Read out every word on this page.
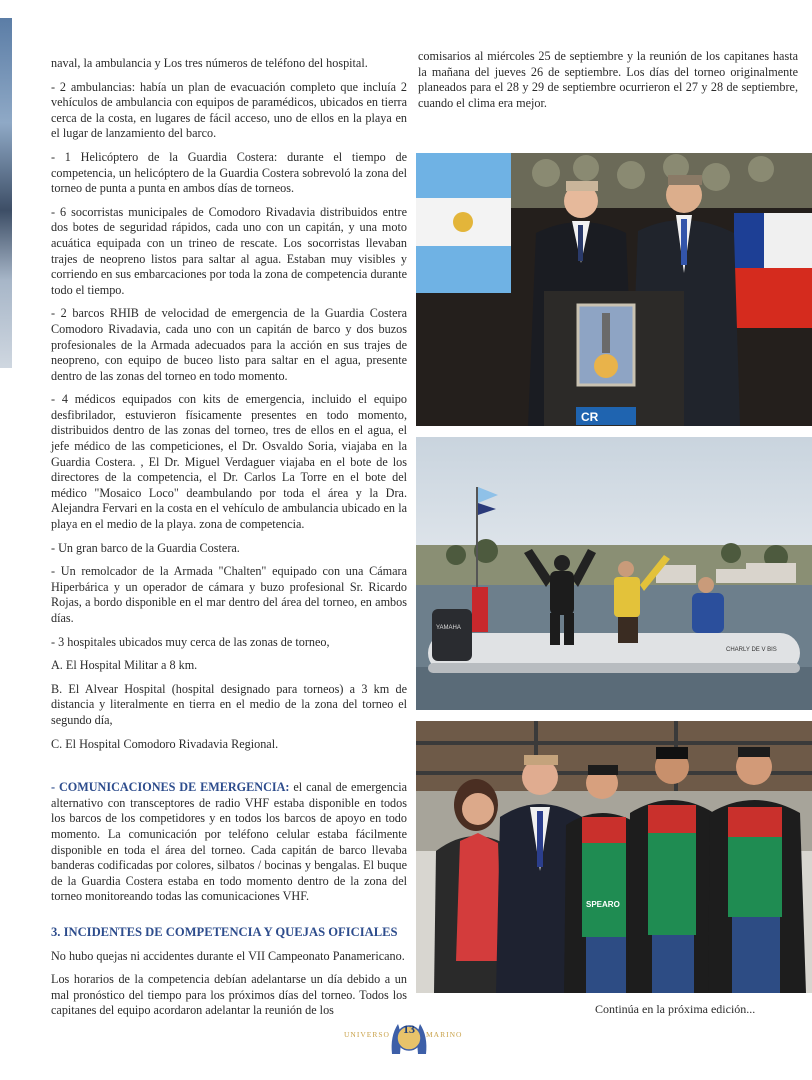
naval, la ambulancia y Los tres números de teléfono del hospital.

- 2 ambulancias: había un plan de evacuación completo que incluía 2 vehículos de ambulancia con equipos de paramédicos, ubicados en tierra cerca de la costa, en lugares de fácil acceso, uno de ellos en la playa en el lugar de lanzamiento del barco.

- 1 Helicóptero de la Guardia Costera: durante el tiempo de competencia, un helicóptero de la Guardia Costera sobrevoló la zona del torneo de punta a punta en ambos días de torneos.

- 6 socorristas municipales de Comodoro Rivadavia distribuidos entre dos botes de seguridad rápidos, cada uno con un capitán, y una moto acuática equipada con un trineo de rescate. Los socorristas llevaban trajes de neopreno listos para saltar al agua. Estaban muy visibles y corriendo en sus embarcaciones por toda la zona de competencia durante todo el tiempo.

- 2 barcos RHIB de velocidad de emergencia de la Guardia Costera Comodoro Rivadavia, cada uno con un capitán de barco y dos buzos profesionales de la Armada adecuados para la acción en sus trajes de neopreno, con equipo de buceo listo para saltar en el agua, presente dentro de las zonas del torneo en todo momento.

- 4 médicos equipados con kits de emergencia, incluido el equipo desfibrilador, estuvieron físicamente presentes en todo momento, distribuidos dentro de las zonas del torneo, tres de ellos en el agua, el jefe médico de las competiciones, el Dr. Osvaldo Soria, viajaba en la Guardia Costera. , El Dr. Miguel Verdaguer viajaba en el bote de los directores de la competencia, el Dr. Carlos La Torre en el bote del médico "Mosaico Loco" deambulando por toda el área y la Dra. Alejandra Fervari en la costa en el vehículo de ambulancia ubicado en la playa en el medio de la playa. zona de competencia.

- Un gran barco de la Guardia Costera.

- Un remolcador de la Armada "Chalten" equipado con una Cámara Hiperbárica y un operador de cámara y buzo profesional Sr. Ricardo Rojas, a bordo disponible en el mar dentro del área del torneo, en ambos días.

- 3 hospitales ubicados muy cerca de las zonas de torneo,

A. El Hospital Militar a 8 km.

B. El Alvear Hospital (hospital designado para torneos) a 3 km de distancia y literalmente en tierra en el medio de la zona del torneo el segundo día,

C. El Hospital Comodoro Rivadavia Regional.

- COMUNICACIONES DE EMERGENCIA: el canal de emergencia alternativo con transceptores de radio VHF estaba disponible en todos los barcos de los competidores y en todos los barcos de apoyo en todo momento. La comunicación por teléfono celular estaba fácilmente disponible en toda el área del torneo. Cada capitán de barco llevaba banderas codificadas por colores, silbatos / bocinas y bengalas. El buque de la Guardia Costera estaba en todo momento dentro de la zona del torneo monitoreando todas las comunicaciones VHF.

3. INCIDENTES DE COMPETENCIA Y QUEJAS OFICIALES

No hubo quejas ni accidentes durante el VII Campeonato Panamericano.

Los horarios de la competencia debían adelantarse un día debido a un mal pronóstico del tiempo para los próximos días del torneo. Todos los capitanes del equipo acordaron adelantar la reunión de los

comisarios al miércoles 25 de septiembre y la reunión de los capitanes hasta la mañana del jueves 26 de septiembre. Los días del torneo originalmente planeados para el 28 y 29 de septiembre ocurrieron el 27 y 28 de septiembre, cuando el clima era mejor.

CR
CHARLY DE V BIS
YAMAHA
SPEARO
Continúa en la próxima edición...
UNIVERSO	13	MARINO
